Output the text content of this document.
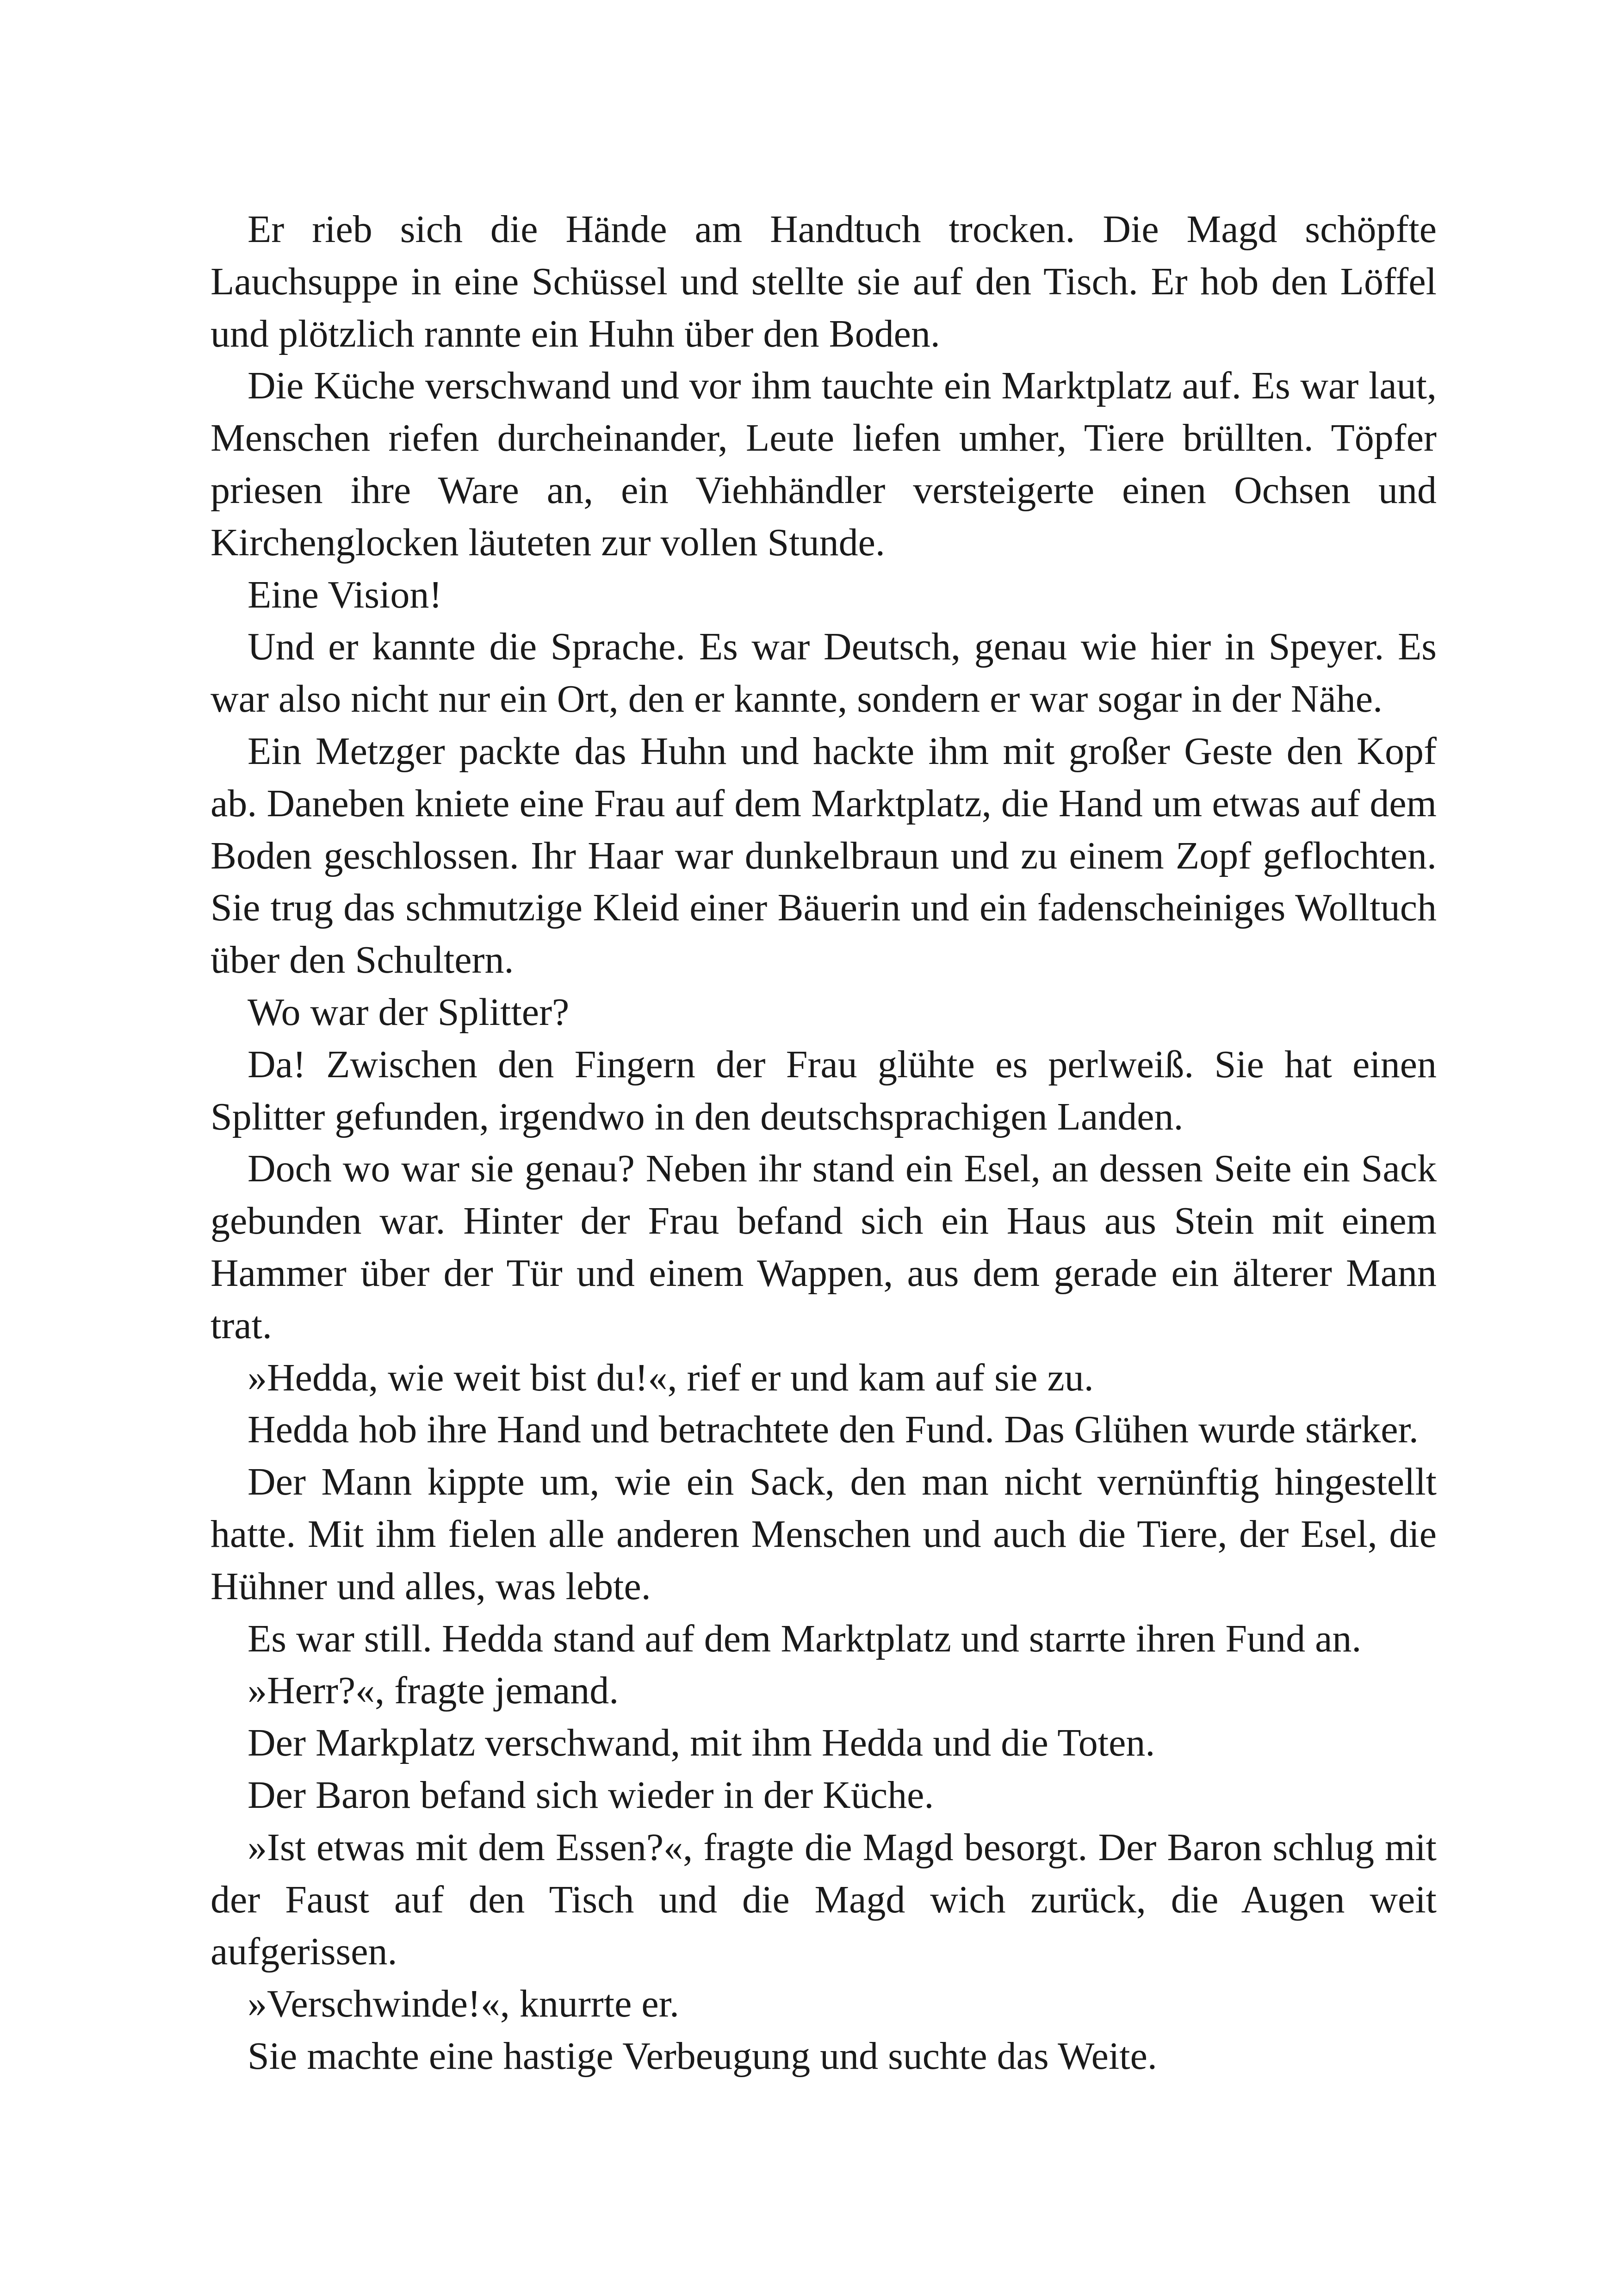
Er rieb sich die Hände am Handtuch trocken. Die Magd schöpfte Lauchsuppe in eine Schüssel und stellte sie auf den Tisch. Er hob den Löffel und plötzlich rannte ein Huhn über den Boden.

Die Küche verschwand und vor ihm tauchte ein Marktplatz auf. Es war laut, Menschen riefen durcheinander, Leute liefen umher, Tiere brüllten. Töpfer priesen ihre Ware an, ein Viehhändler versteigerte einen Ochsen und Kirchenglocken läuteten zur vollen Stunde.

Eine Vision!

Und er kannte die Sprache. Es war Deutsch, genau wie hier in Speyer. Es war also nicht nur ein Ort, den er kannte, sondern er war sogar in der Nähe.

Ein Metzger packte das Huhn und hackte ihm mit großer Geste den Kopf ab. Daneben kniete eine Frau auf dem Marktplatz, die Hand um etwas auf dem Boden geschlossen. Ihr Haar war dunkelbraun und zu einem Zopf geflochten. Sie trug das schmutzige Kleid einer Bäuerin und ein fadenscheiniges Wolltuch über den Schultern.

Wo war der Splitter?

Da! Zwischen den Fingern der Frau glühte es perlweiß. Sie hat einen Splitter gefunden, irgendwo in den deutschsprachigen Landen.

Doch wo war sie genau? Neben ihr stand ein Esel, an dessen Seite ein Sack gebunden war. Hinter der Frau befand sich ein Haus aus Stein mit einem Hammer über der Tür und einem Wappen, aus dem gerade ein älterer Mann trat.

»Hedda, wie weit bist du!«, rief er und kam auf sie zu.

Hedda hob ihre Hand und betrachtete den Fund. Das Glühen wurde stärker.

Der Mann kippte um, wie ein Sack, den man nicht vernünftig hingestellt hatte. Mit ihm fielen alle anderen Menschen und auch die Tiere, der Esel, die Hühner und alles, was lebte.

Es war still. Hedda stand auf dem Marktplatz und starrte ihren Fund an.

»Herr?«, fragte jemand.

Der Markplatz verschwand, mit ihm Hedda und die Toten.

Der Baron befand sich wieder in der Küche.

»Ist etwas mit dem Essen?«, fragte die Magd besorgt. Der Baron schlug mit der Faust auf den Tisch und die Magd wich zurück, die Augen weit aufgerissen.

»Verschwinde!«, knurrte er.

Sie machte eine hastige Verbeugung und suchte das Weite.
